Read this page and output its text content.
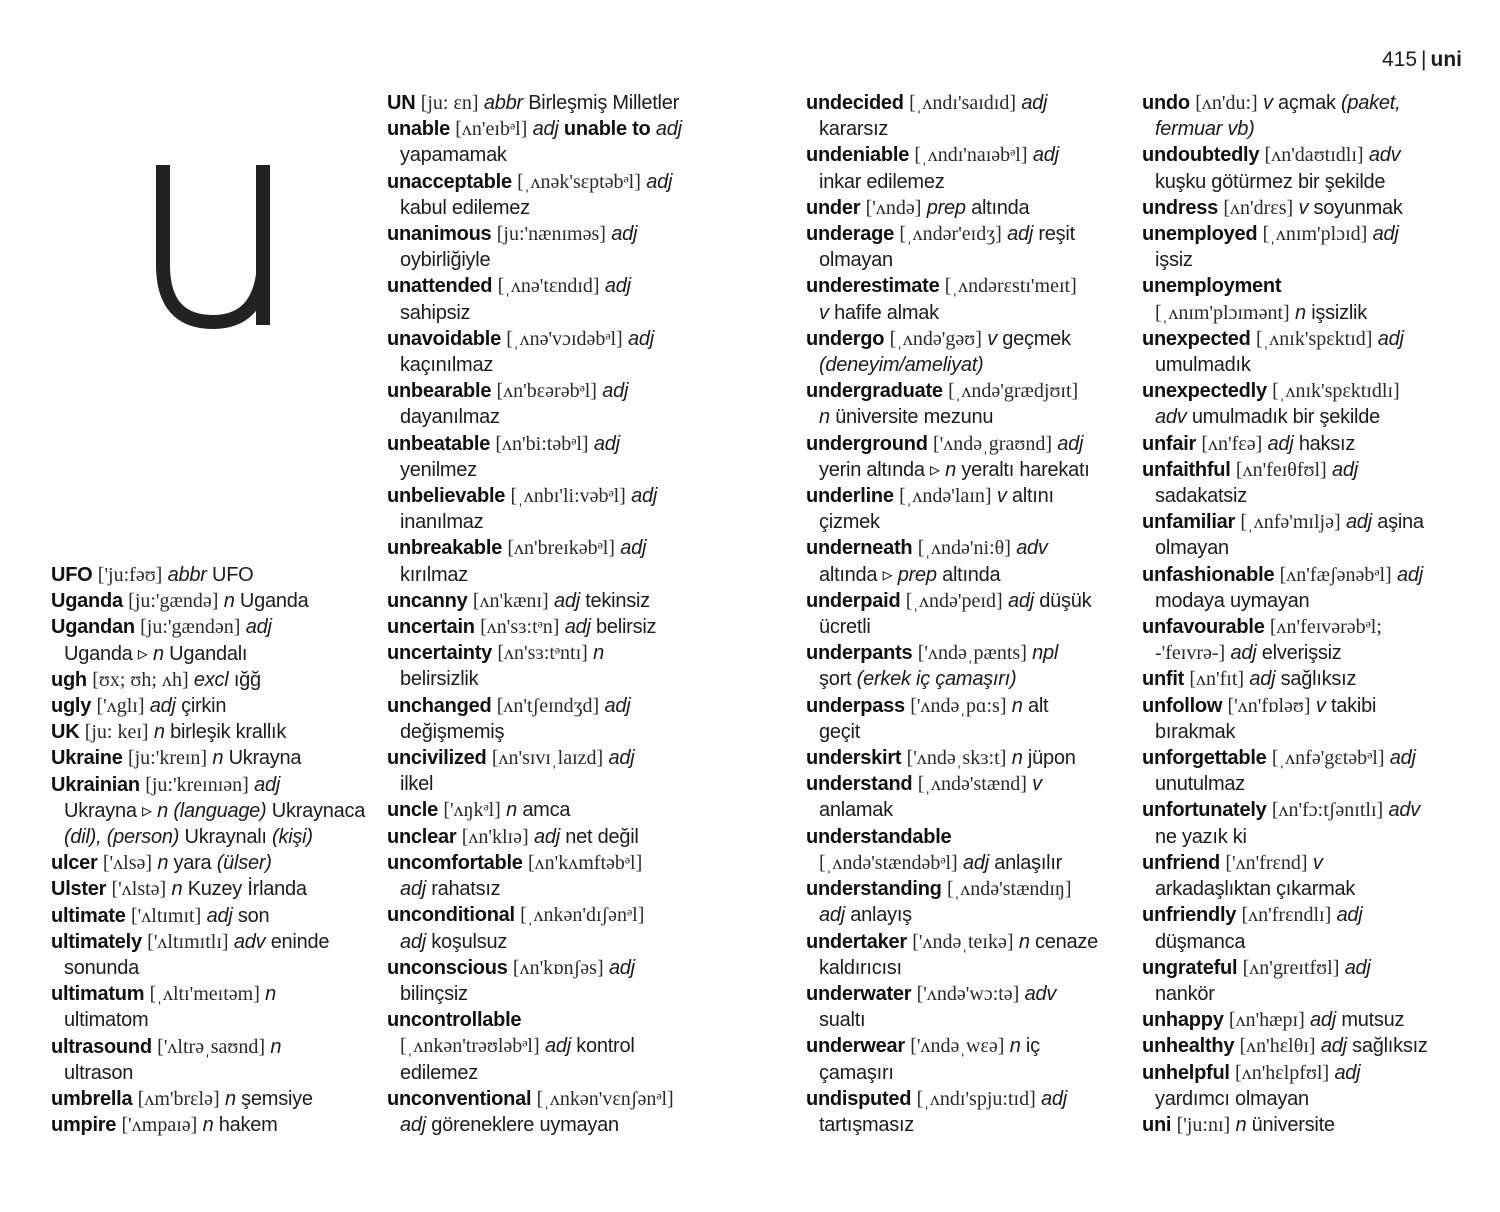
415 | uni
UFO ['ju:fəʊ] abbr UFO
Uganda [ju:'gændə] n Uganda
Ugandan [ju:'gændən] adj
Uganda ▹ n Ugandalı
ugh [ʊx; ʊh; ʌh] excl ığğ
ugly ['ʌglɪ] adj çirkin
UK [ju: keɪ] n birleşik krallık
Ukraine [ju:'kreɪn] n Ukrayna
Ukrainian [ju:'kreɪnɪən] adj
Ukrayna ▹ n (language) Ukraynaca
(dil), (person) Ukraynalı (kişi)
ulcer ['ʌlsə] n yara (ülser)
Ulster ['ʌlstə] n Kuzey İrlanda
ultimate ['ʌltɪmɪt] adj son
ultimately ['ʌltɪmɪtlɪ] adv eninde
sonunda
ultimatum [ˌʌltɪ'meɪtəm] n
ultimatom
ultrasound ['ʌltrəˌsaʊnd] n
ultrason
umbrella [ʌm'brɛlə] n şemsiye
umpire ['ʌmpaɪə] n hakem
UN [ju: ɛn] abbr Birleşmiş Milletler
unable [ʌn'eɪbᵊl] adj unable to adj
yapamamak
unacceptable [ˌʌnək'sɛptəbᵊl] adj
kabul edilemez
unanimous [ju:'nænɪməs] adj
oybirliğiyle
unattended [ˌʌnə'tɛndɪd] adj
sahipsiz
unavoidable [ˌʌnə'vɔɪdəbᵊl] adj
kaçınılmaz
unbearable [ʌn'bɛərəbᵊl] adj
dayanılmaz
unbeatable [ʌn'bi:təbᵊl] adj
yenilmez
unbelievable [ˌʌnbɪ'li:vəbᵊl] adj
inanılmaz
unbreakable [ʌn'breɪkəbᵊl] adj
kırılmaz
uncanny [ʌn'kænɪ] adj tekinsiz
uncertain [ʌn'sɜ:tᵊn] adj belirsiz
uncertainty [ʌn'sɜ:tᵊntɪ] n
belirsizlik
unchanged [ʌn'tʃeɪndʒd] adj
değişmemiş
uncivilized [ʌn'sɪvɪˌlaɪzd] adj
ilkel
uncle ['ʌŋkᵊl] n amca
unclear [ʌn'klɪə] adj net değil
uncomfortable [ʌn'kʌmftəbᵊl]
adj rahatsız
unconditional [ˌʌnkən'dɪʃənᵊl]
adj koşulsuz
unconscious [ʌn'kɒnʃəs] adj
bilinçsiz
uncontrollable
[ˌʌnkən'trəʊləbᵊl] adj kontrol
edilemez
unconventional [ˌʌnkən'vɛnʃənᵊl]
adj göreneklere uymayan
undecided [ˌʌndɪ'saɪdɪd] adj
kararsız
undeniable [ˌʌndɪ'naɪəbᵊl] adj
inkar edilemez
under ['ʌndə] prep altında
underage [ˌʌndər'eɪdʒ] adj reşit
olmayan
underestimate [ˌʌndərɛstɪ'meɪt]
v hafife almak
undergo [ˌʌndə'gəʊ] v geçmek
(deneyim/ameliyat)
undergraduate [ˌʌndə'grædjʊɪt]
n üniversite mezunu
underground ['ʌndəˌgraʊnd] adj
yerin altında ▹ n yeraltı harekatı
underline [ˌʌndə'laɪn] v altını
çizmek
underneath [ˌʌndə'ni:θ] adv
altında ▹ prep altında
underpaid [ˌʌndə'peɪd] adj düşük
ücretli
underpants ['ʌndəˌpænts] npl
şort (erkek iç çamaşırı)
underpass ['ʌndəˌpɑ:s] n alt
geçit
underskirt ['ʌndəˌskɜ:t] n jüpon
understand [ˌʌndə'stænd] v
anlamak
understandable
[ˌʌndə'stændəbᵊl] adj anlaşılır
understanding [ˌʌndə'stændɪŋ]
adj anlayış
undertaker ['ʌndəˌteɪkə] n cenaze
kaldırıcısı
underwater ['ʌndə'wɔ:tə] adv
sualtı
underwear ['ʌndəˌwɛə] n iç
çamaşırı
undisputed [ˌʌndɪ'spju:tɪd] adj
tartışmasız
undo [ʌn'du:] v açmak (paket,
fermuar vb)
undoubtedly [ʌn'daʊtɪdlɪ] adv
kuşku götürmez bir şekilde
undress [ʌn'drɛs] v soyunmak
unemployed [ˌʌnɪm'plɔɪd] adj
işsiz
unemployment
[ˌʌnɪm'plɔɪmənt] n işsizlik
unexpected [ˌʌnɪk'spɛktɪd] adj
umulmadık
unexpectedly [ˌʌnɪk'spɛktɪdlɪ]
adv umulmadık bir şekilde
unfair [ʌn'fɛə] adj haksız
unfaithful [ʌn'feɪθfʊl] adj
sadakatsiz
unfamiliar [ˌʌnfə'mɪljə] adj aşina
olmayan
unfashionable [ʌn'fæʃənəbᵊl] adj
modaya uymayan
unfavourable [ʌn'feɪvərəbᵊl;
-'feɪvrə-] adj elverişsiz
unfit [ʌn'fɪt] adj sağlıksız
unfollow ['ʌn'fɒləʊ] v takibi
bırakmak
unforgettable [ˌʌnfə'gɛtəbᵊl] adj
unutulmaz
unfortunately [ʌn'fɔ:tʃənɪtlɪ] adv
ne yazık ki
unfriend ['ʌn'frɛnd] v
arkadaşlıktan çıkarmak
unfriendly [ʌn'frɛndlɪ] adj
düşmanca
ungrateful [ʌn'greɪtfʊl] adj
nankör
unhappy [ʌn'hæpɪ] adj mutsuz
unhealthy [ʌn'hɛlθɪ] adj sağlıksız
unhelpful [ʌn'hɛlpfʊl] adj
yardımcı olmayan
uni ['ju:nɪ] n üniversite
